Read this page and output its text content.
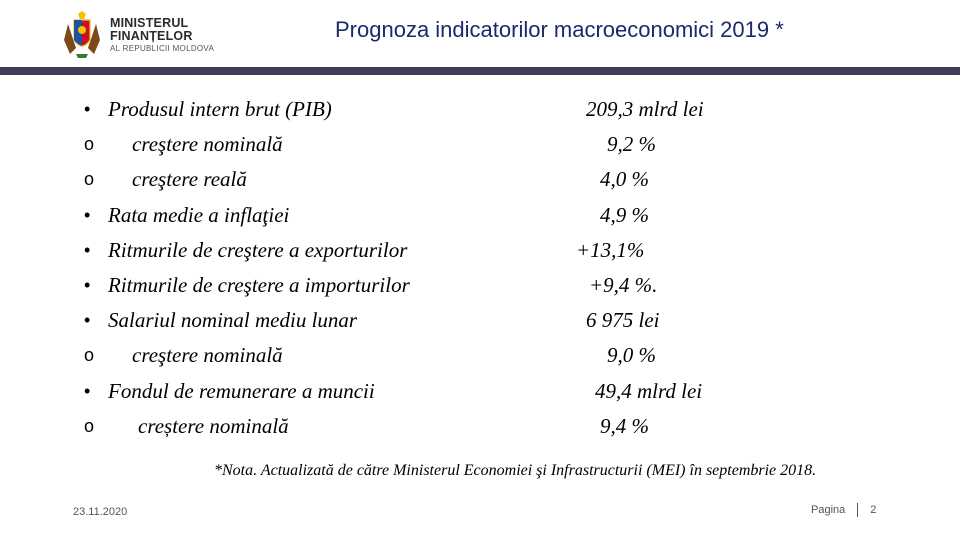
MINISTERUL FINANȚELOR
AL REPUBLICII MOLDOVA
Prognoza indicatorilor macroeconomici 2019 *
• Produsul intern brut (PIB)	209,3 mlrd lei
o	creştere nominală	9,2 %
o	creştere reală	4,0 %
• Rata medie a inflaţiei	4,9 %
• Ritmurile de creştere a exporturilor	+13,1%
• Ritmurile de creştere a importurilor	+9,4 %.
• Salariul nominal mediu lunar	6 975 lei
o	creştere nominală	9,0 %
• Fondul de remunerare a muncii	49,4 mlrd lei
o	creștere nominală	9,4 %
*Nota. Actualizată de către Ministerul Economiei şi Infrastructurii (MEI) în septembrie 2018.
23.11.2020	Pagina 2
